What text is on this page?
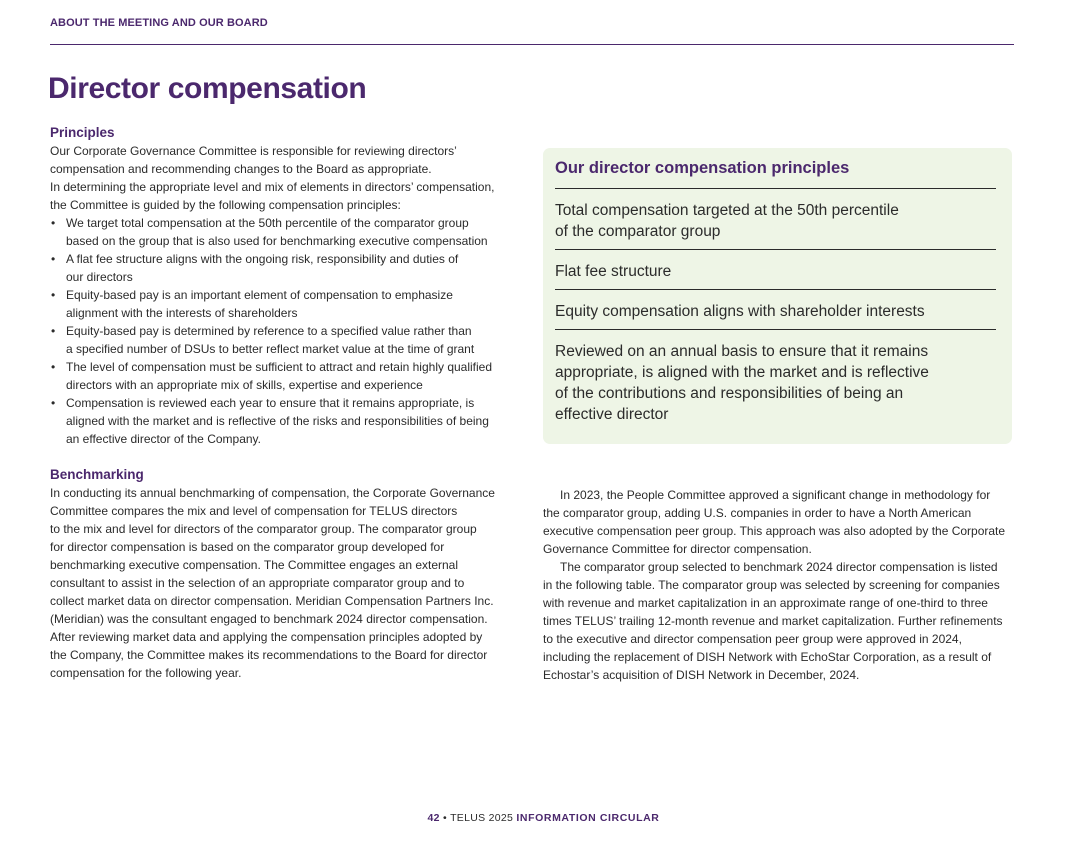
ABOUT THE MEETING AND OUR BOARD
Director compensation
Principles

Our Corporate Governance Committee is responsible for reviewing directors’
compensation and recommending changes to the Board as appropriate.
In determining the appropriate level and mix of elements in directors’ compensation,
the Committee is guided by the following compensation principles:

• We target total compensation at the 50th percentile of the comparator group
based on the group that is also used for benchmarking executive compensation
• A flat fee structure aligns with the ongoing risk, responsibility and duties of
our directors
• Equity-based pay is an important element of compensation to emphasize
alignment with the interests of shareholders
• Equity-based pay is determined by reference to a specified value rather than
a specified number of DSUs to better reflect market value at the time of grant
• The level of compensation must be sufficient to attract and retain highly qualified
directors with an appropriate mix of skills, expertise and experience
• Compensation is reviewed each year to ensure that it remains appropriate, is
aligned with the market and is reflective of the risks and responsibilities of being
an effective director of the Company.
Our director compensation principles
Total compensation targeted at the 50th percentile
of the comparator group
Flat fee structure
Equity compensation aligns with shareholder interests
Reviewed on an annual basis to ensure that it remains
appropriate, is aligned with the market and is reflective
of the contributions and responsibilities of being an
effective director
Benchmarking

In conducting its annual benchmarking of compensation, the Corporate Governance
Committee compares the mix and level of compensation for TELUS directors
to the mix and level for directors of the comparator group. The comparator group
for director compensation is based on the comparator group developed for
benchmarking executive compensation. The Committee engages an external
consultant to assist in the selection of an appropriate comparator group and to
collect market data on director compensation. Meridian Compensation Partners Inc.
(Meridian) was the consultant engaged to benchmark 2024 director compensation.
After reviewing market data and applying the compensation principles adopted by
the Company, the Committee makes its recommendations to the Board for director
compensation for the following year.

In 2023, the People Committee approved a significant change in methodology for
the comparator group, adding U.S. companies in order to have a North American
executive compensation peer group. This approach was also adopted by the Corporate
Governance Committee for director compensation.

The comparator group selected to benchmark 2024 director compensation is listed
in the following table. The comparator group was selected by screening for companies
with revenue and market capitalization in an approximate range of one-third to three
times TELUS’ trailing 12-month revenue and market capitalization. Further refinements
to the executive and director compensation peer group were approved in 2024,
including the replacement of DISH Network with EchoStar Corporation, as a result of
Echostar’s acquisition of DISH Network in December, 2024.

42 • TELUS 2025 INFORMATION CIRCULAR
